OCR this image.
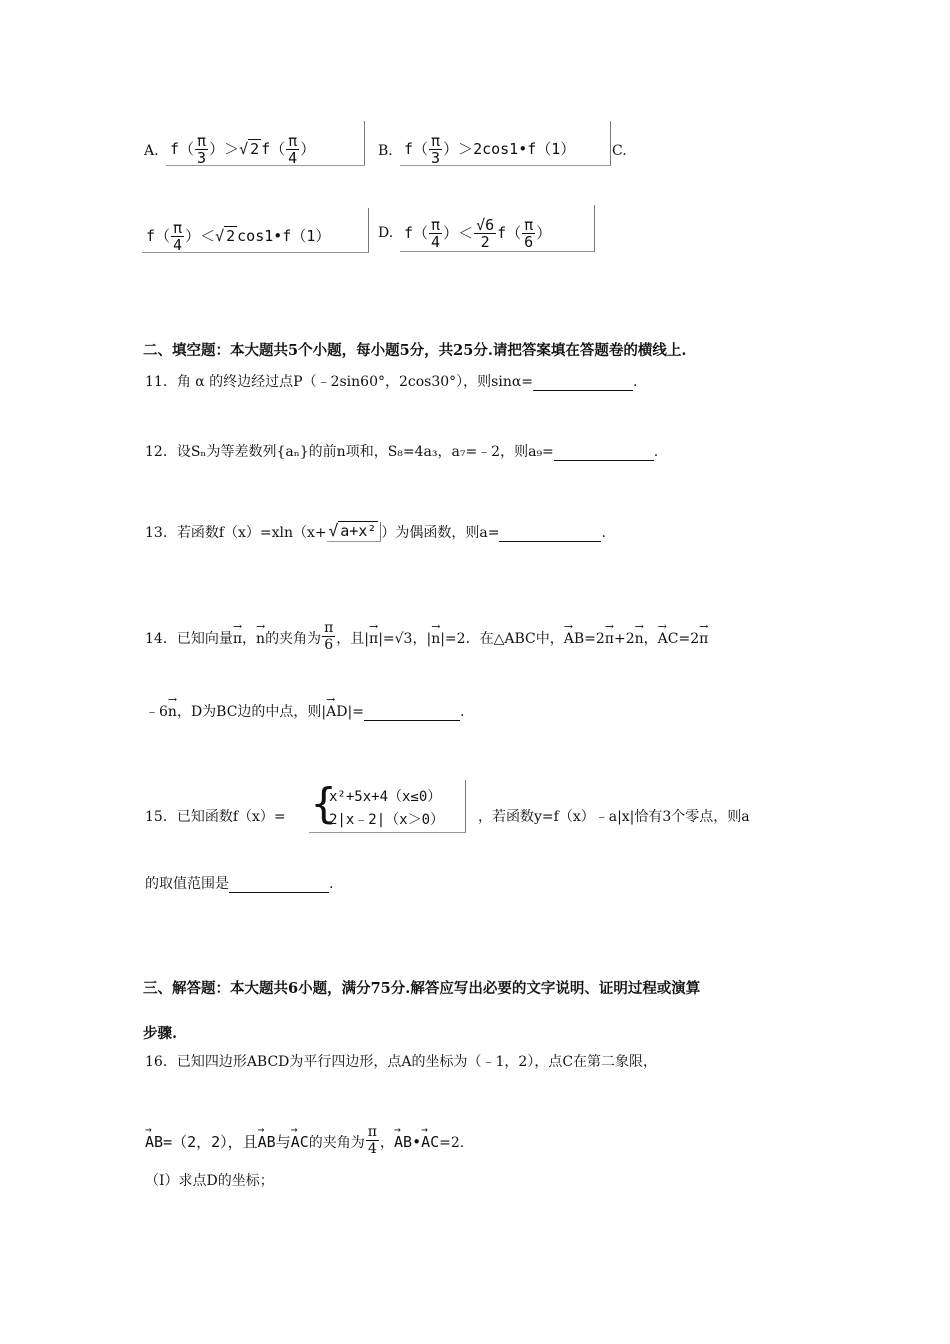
A. $f( \frac{\pi}{3}$ ）＞√ 2 $f( \frac{\pi}{4}$ ）	B. $f( \frac{\pi}{3}$ ）＞2cos1•f（1）	C.
$f( \frac{\pi}{4}$ ）＜√ 2 cos1•f（1）	D. $f( \frac{\pi}{4}$ ）＜ $\frac{√6}{2} f( \frac{\pi}{6}$ ）
二、填空题：本大题共5个小题，每小题5分，共25分.请把答案填在答题卷的横线上.
11．角 α 的终边经过点P（﹣2sin60°，2cos30°），则sinα=	.
12．设Sₙ为等差数列{aₙ}的前n项和，S₈=4a₃，a₇=﹣2，则a₉=	.
13．若函数f（x）=xln（x+ √ a+x² ）为偶函数，则a=	.
14．已知向量→ π，→ n的夹角为 $\frac{\pi}{6}$ ，且|→ π|=√3，|→ n|=2．在△ABC中，→ AB=2→ π+2→ n，→ AC=2→ π
﹣6→ n，D为BC边的中点，则|→ AD|=	.
15．已知函数f（x）= {
x²+5x+4（x≤0）
2|x﹣2|（x＞0） ，若函数y=f（x）﹣a|x|恰有3个零点，则a
的取值范围是	.
三、解答题：本大题共6小题，满分75分.解答应写出必要的文字说明、证明过程或演算
步骤.
16．已知四边形ABCD为平行四边形，点A的坐标为（﹣1，2），点C在第二象限，
→ AB=（2，2），且→ AB与→ AC的夹角为 $\frac{\pi}{4}$ ，→ AB•→ AC=2.
（I）求点D的坐标；
